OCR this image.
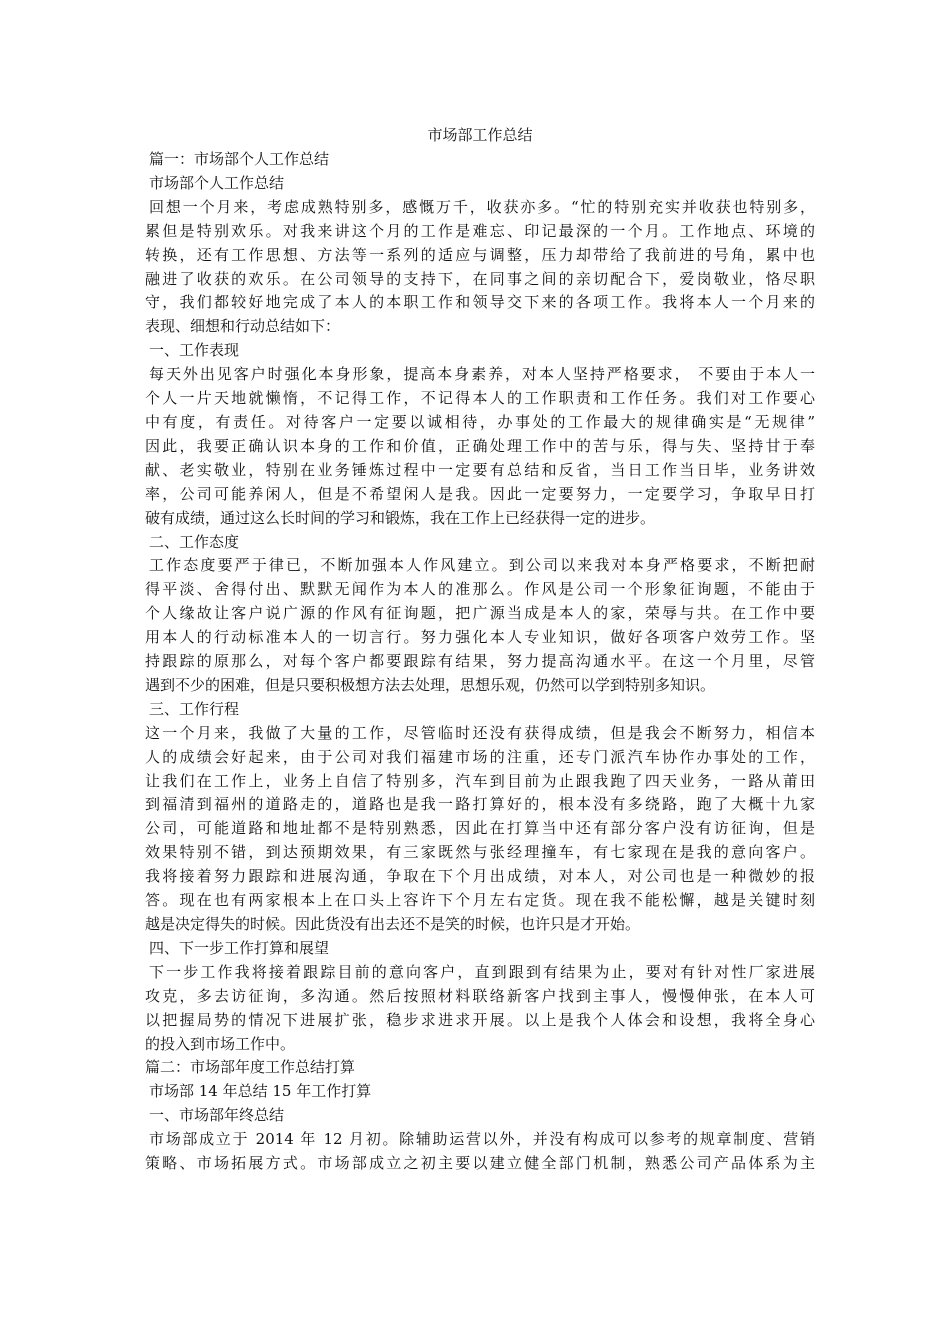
市场部工作总结
篇一：市场部个人工作总结
市场部个人工作总结
回想一个月来，考虑成熟特别多，感慨万千，收获亦多。“忙的特别充实并收获也特别多，
累但是特别欢乐。对我来讲这个月的工作是难忘、印记最深的一个月。工作地点、环境的
转换，还有工作思想、方法等一系列的适应与调整，压力却带给了我前进的号角，累中也
融进了收获的欢乐。在公司领导的支持下，在同事之间的亲切配合下，爱岗敬业，恪尽职
守，我们都较好地完成了本人的本职工作和领导交下来的各项工作。我将本人一个月来的
表现、细想和行动总结如下：
一、工作表现
每天外出见客户时强化本身形象，提高本身素养，对本人坚持严格要求， 不要由于本人一
个人一片天地就懒惰，不记得工作，不记得本人的工作职责和工作任务。我们对工作要心
中有度，有责任。对待客户一定要以诚相待，办事处的工作最大的规律确实是“无规律”
因此，我要正确认识本身的工作和价值，正确处理工作中的苦与乐，得与失、坚持甘于奉
献、老实敬业，特别在业务锤炼过程中一定要有总结和反省，当日工作当日毕，业务讲效
率，公司可能养闲人，但是不希望闲人是我。因此一定要努力，一定要学习，争取早日打
破有成绩，通过这么长时间的学习和锻炼，我在工作上已经获得一定的进步。
二、工作态度
工作态度要严于律已，不断加强本人作风建立。到公司以来我对本身严格要求，不断把耐
得平淡、舍得付出、默默无闻作为本人的准那么。作风是公司一个形象征询题，不能由于
个人缘故让客户说广源的作风有征询题，把广源当成是本人的家，荣辱与共。在工作中要
用本人的行动标准本人的一切言行。努力强化本人专业知识，做好各项客户效劳工作。坚
持跟踪的原那么，对每个客户都要跟踪有结果，努力提高沟通水平。在这一个月里，尽管
遇到不少的困难，但是只要积极想方法去处理，思想乐观，仍然可以学到特别多知识。
三、工作行程
这一个月来，我做了大量的工作，尽管临时还没有获得成绩，但是我会不断努力，相信本
人的成绩会好起来，由于公司对我们福建市场的注重，还专门派汽车协作办事处的工作，
让我们在工作上，业务上自信了特别多，汽车到目前为止跟我跑了四天业务，一路从莆田
到福清到福州的道路走的，道路也是我一路打算好的，根本没有多绕路，跑了大概十九家
公司，可能道路和地址都不是特别熟悉，因此在打算当中还有部分客户没有访征询，但是
效果特别不错，到达预期效果，有三家既然与张经理撞车，有七家现在是我的意向客户。
我将接着努力跟踪和进展沟通，争取在下个月出成绩，对本人，对公司也是一种微妙的报
答。现在也有两家根本上在口头上容许下个月左右定货。现在我不能松懈，越是关键时刻
越是决定得失的时候。因此货没有出去还不是笑的时候，也许只是才开始。
四、下一步工作打算和展望
下一步工作我将接着跟踪目前的意向客户，直到跟到有结果为止，要对有针对性厂家进展
攻克，多去访征询，多沟通。然后按照材料联络新客户找到主事人，慢慢伸张，在本人可
以把握局势的情况下进展扩张，稳步求进求开展。以上是我个人体会和设想，我将全身心
的投入到市场工作中。
篇二：市场部年度工作总结打算
市场部 14 年总结 15 年工作打算
一、市场部年终总结
市场部成立于 2014 年 12 月初。除辅助运营以外，并没有构成可以参考的规章制度、营销
策略、市场拓展方式。市场部成立之初主要以建立健全部门机制，熟悉公司产品体系为主
